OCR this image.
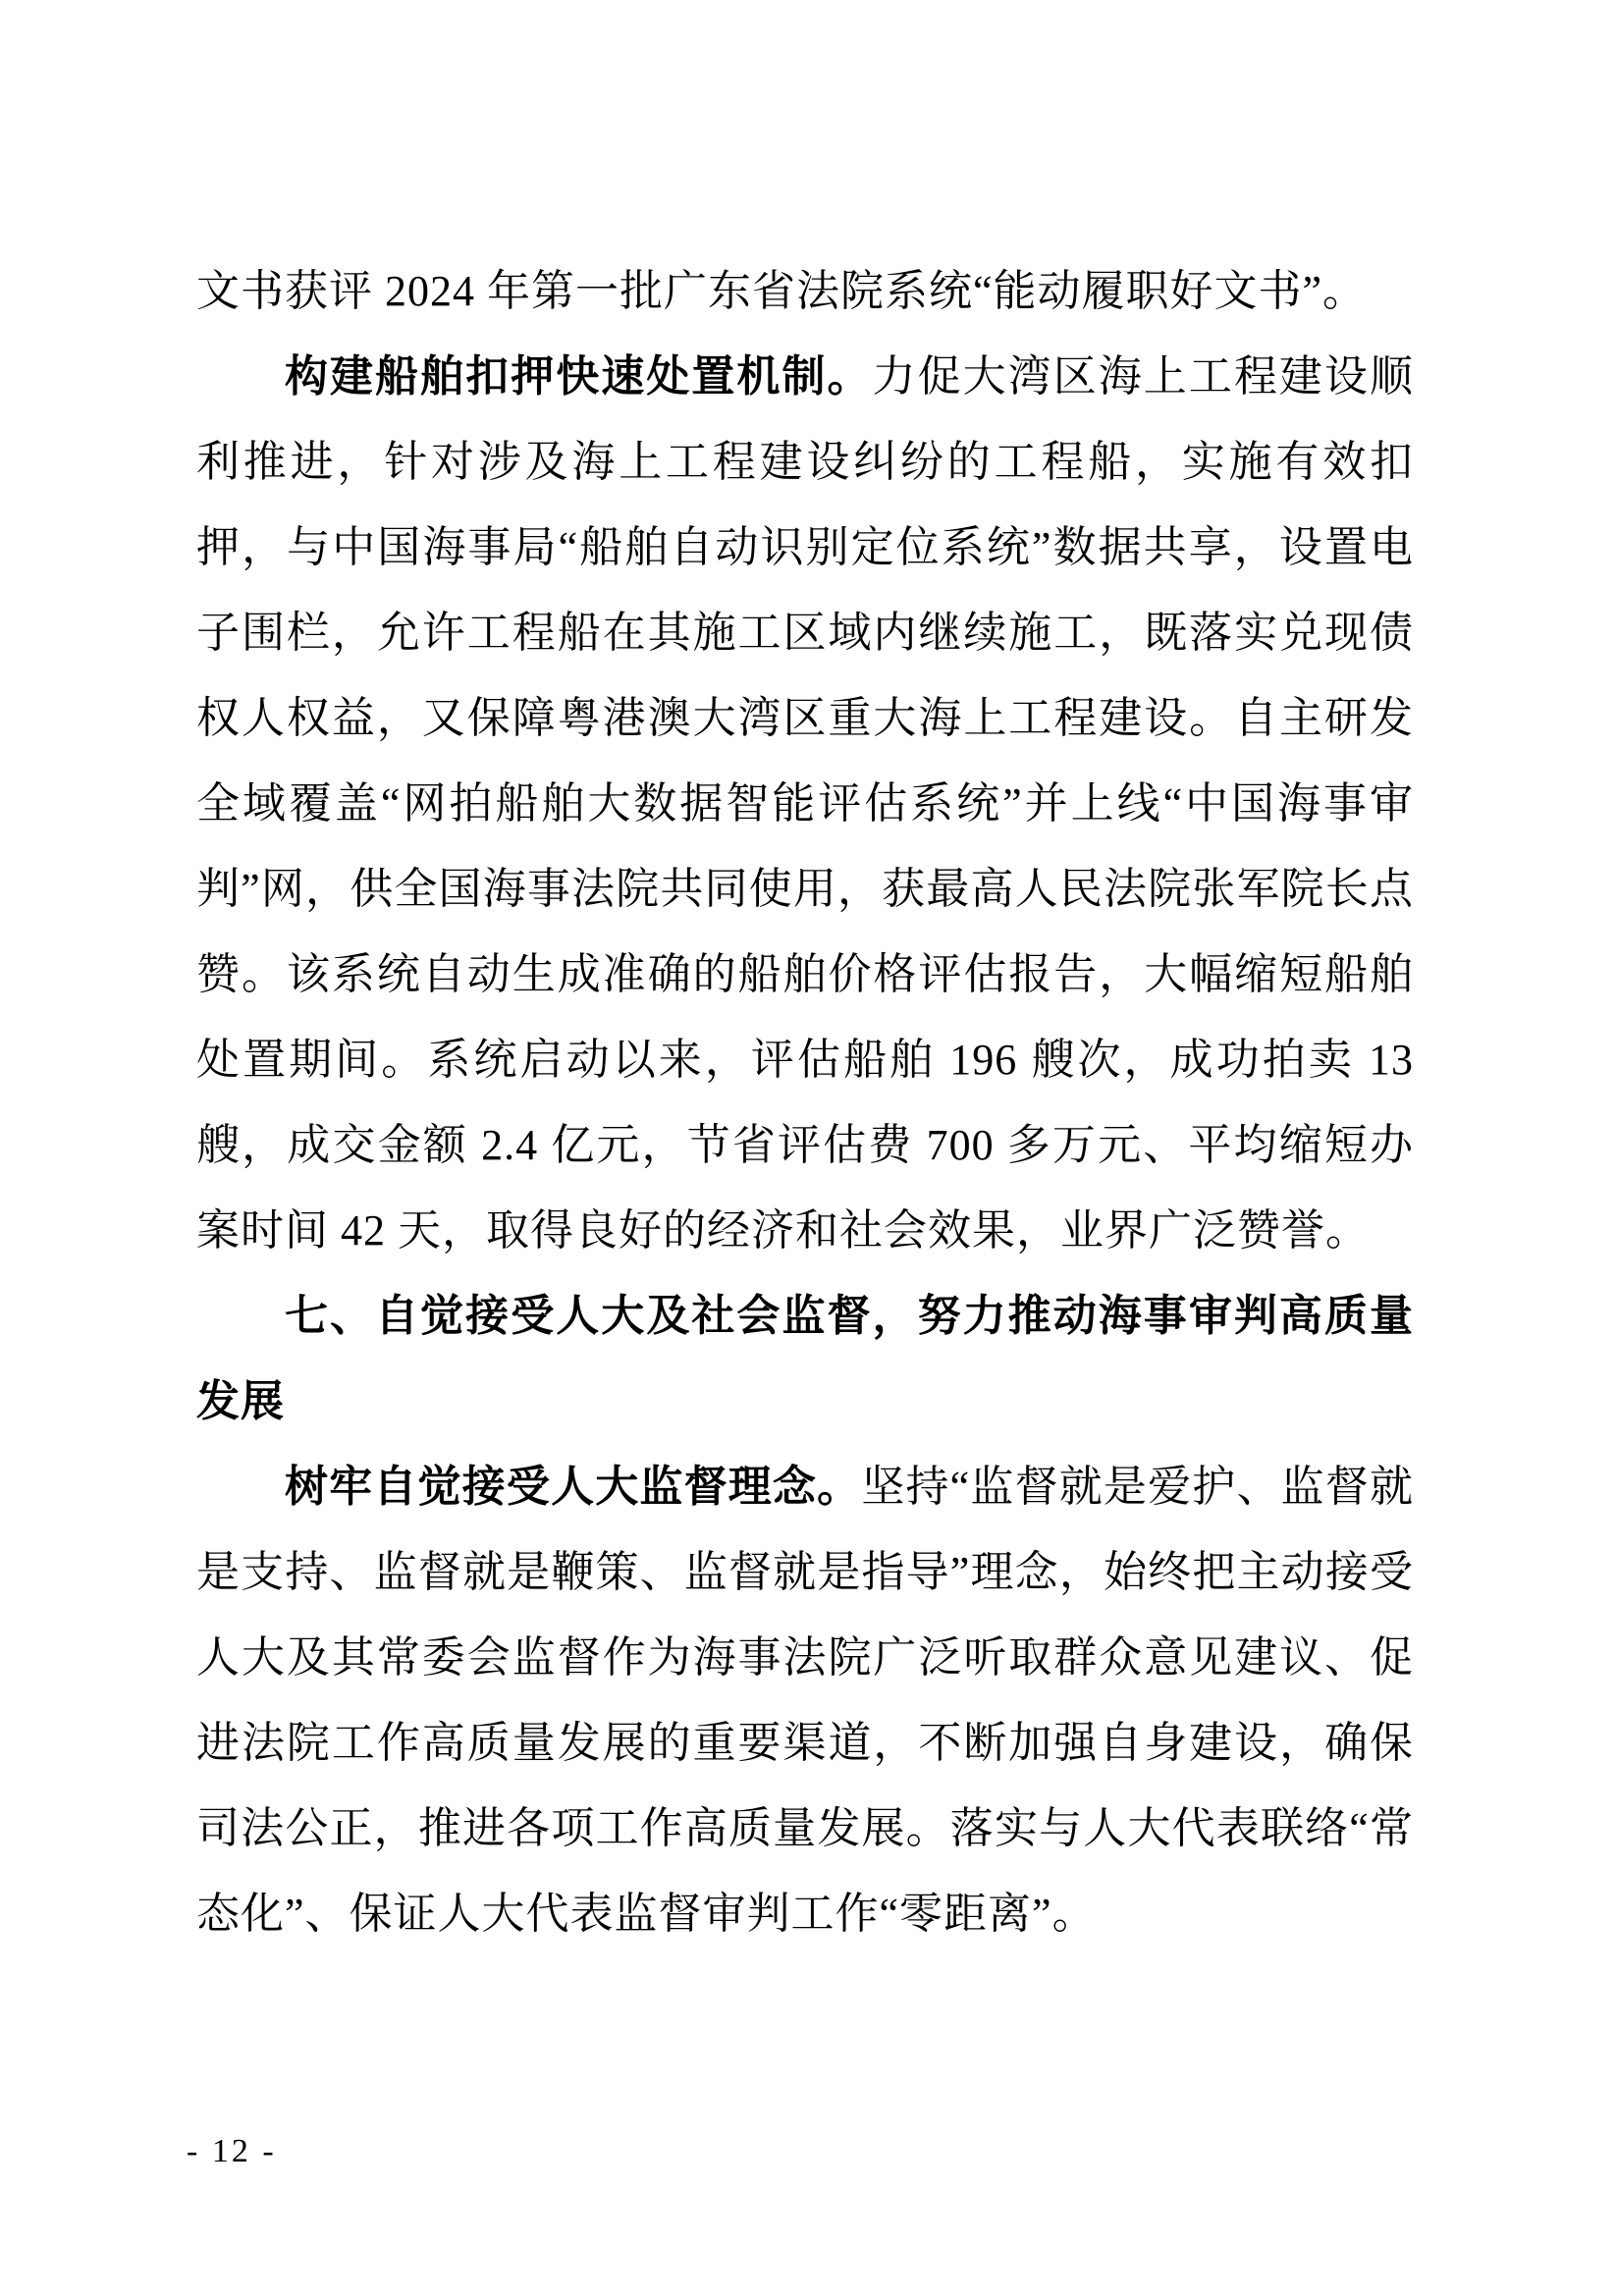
文书获评 2024 年第一批广东省法院系统“能动履职好文书”。

构建船舶扣押快速处置机制。力促大湾区海上工程建设顺利推进，针对涉及海上工程建设纠纷的工程船，实施有效扣押，与中国海事局“船舶自动识别定位系统”数据共享，设置电子围栏，允许工程船在其施工区域内继续施工，既落实兑现债权人权益，又保障粤港澳大湾区重大海上工程建设。自主研发全域覆盖“网拍船舶大数据智能评估系统”并上线“中国海事审判”网，供全国海事法院共同使用，获最高人民法院张军院长点赞。该系统自动生成准确的船舶价格评估报告，大幅缩短船舶处置期间。系统启动以来，评估船舶 196 艘次，成功拍卖 13 艘，成交金额 2.4 亿元，节省评估费 700 多万元、平均缩短办案时间 42 天，取得良好的经济和社会效果，业界广泛赞誉。

七、自觉接受人大及社会监督，努力推动海事审判高质量发展

树牢自觉接受人大监督理念。坚持“监督就是爱护、监督就是支持、监督就是鞭策、监督就是指导”理念，始终把主动接受人大及其常委会监督作为海事法院广泛听取群众意见建议、促进法院工作高质量发展的重要渠道，不断加强自身建设，确保司法公正，推进各项工作高质量发展。落实与人大代表联络“常态化”、保证人大代表监督审判工作“零距离”。

- 12 -
